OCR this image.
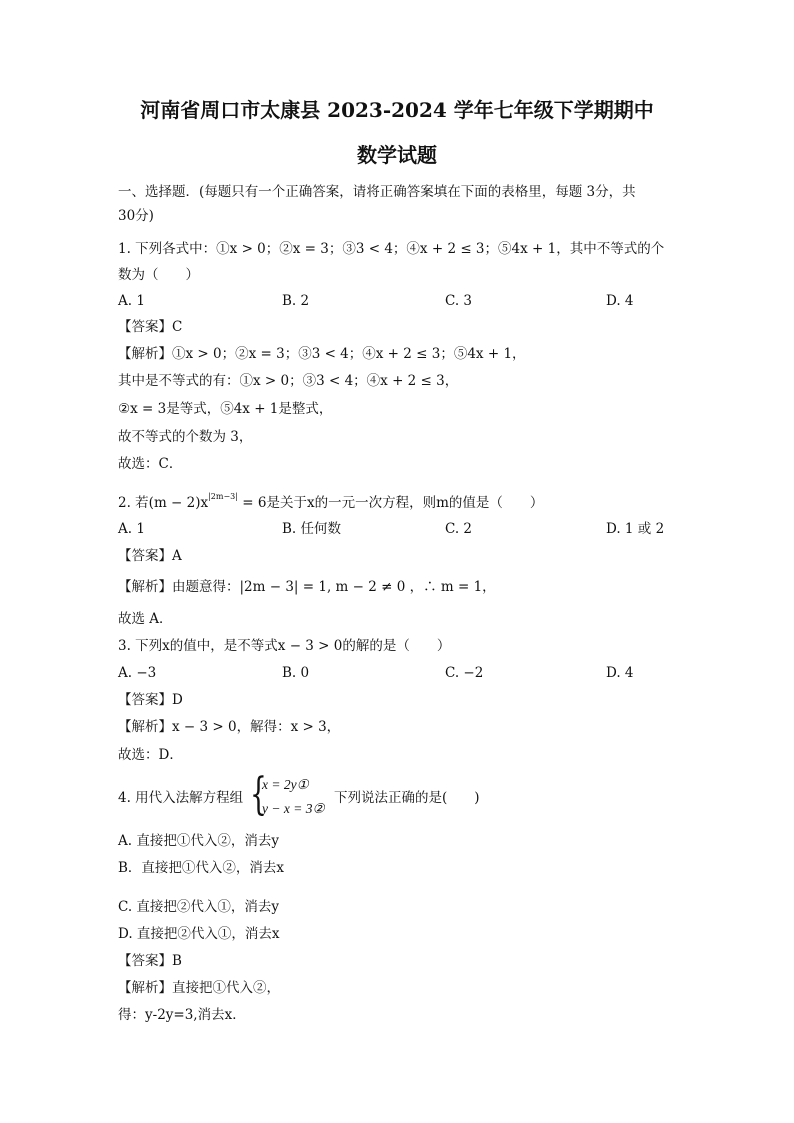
河南省周口市太康县 2023-2024 学年七年级下学期期中
数学试题
一、选择题．(每题只有一个正确答案，请将正确答案填在下面的表格里，每题 3分，共
30分)
1. 下列各式中：①x > 0；②x = 3；③3 < 4；④x + 2 ≤ 3；⑤4x + 1，其中不等式的个
数为（　　）
A. 1	B. 2	C. 3	D. 4
【答案】C
【解析】①x > 0；②x = 3；③3 < 4；④x + 2 ≤ 3；⑤4x + 1，
其中是不等式的有：①x > 0；③3 < 4；④x + 2 ≤ 3，
②x = 3是等式，⑤4x + 1是整式，
故不等式的个数为 3，
故选：C．
2. 若$(m - 2)x^{|2m-3|} = 6$是关于x的一元一次方程，则m的值是（　　）
A. 1	B. 任何数	C. 2	D. 1 或 2
【答案】A
【解析】由题意得：|2m − 3| = 1, m − 2 ≠ 0 ，∴ m = 1，
故选 A．
3. 下列x的值中，是不等式x − 3 > 0的解的是（　　）
A. −3	B. 0	C. −2	D. 4
【答案】D
【解析】x − 3 > 0，解得：x > 3，
故选：D．
4. 用代入法解方程组 {
x = 2y①
y − x = 3②
下列说法正确的是(　　)
A. 直接把①代入②，消去y
B．直接把①代入②，消去x
C. 直接把②代入①，消去y
D. 直接把②代入①，消去x
【答案】B
【解析】直接把①代入②，
得：y-2y=3,消去x．
